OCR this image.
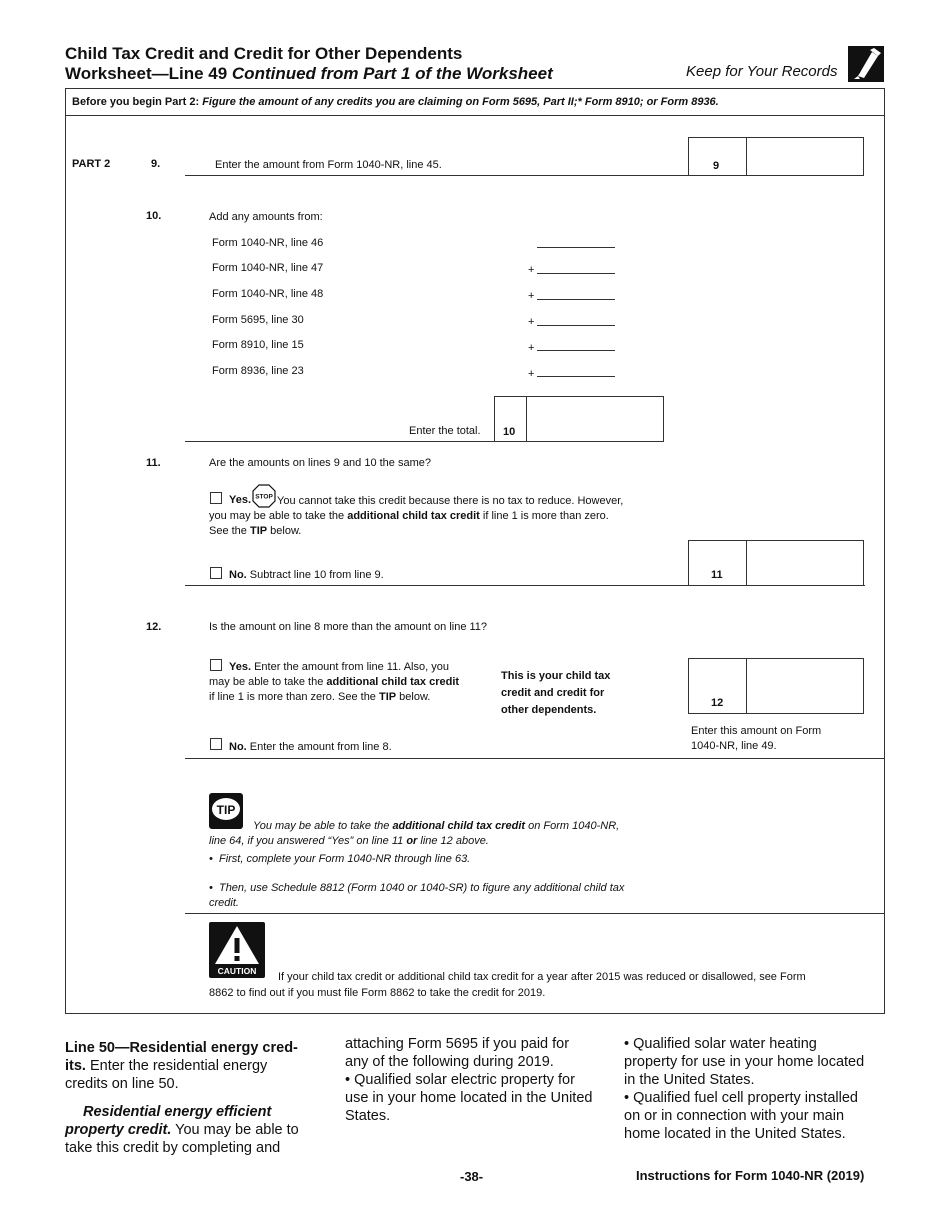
Child Tax Credit and Credit for Other Dependents
Worksheet—Line 49 Continued from Part 1 of the Worksheet	Keep for Your Records
Before you begin Part 2: Figure the amount of any credits you are claiming on Form 5695, Part II;* Form 8910; or Form 8936.
PART 2	9.	Enter the amount from Form 1040-NR, line 45.	9
10.	Add any amounts from:
Form 1040-NR, line 46
Form 1040-NR, line 47	+
Form 1040-NR, line 48	+
Form 5695, line 30	+
Form 8910, line 15	+
Form 8936, line 23	+
Enter the total. 10
11.	Are the amounts on lines 9 and 10 the same?
Yes. STOP You cannot take this credit because there is no tax to reduce. However,
you may be able to take the additional child tax credit if line 1 is more than zero.
See the TIP below.
No. Subtract line 10 from line 9.	11
12.	Is the amount on line 8 more than the amount on line 11?
Yes. Enter the amount from line 11. Also, you
may be able to take the additional child tax credit
if line 1 is more than zero. See the TIP below.
This is your child tax
credit and credit for
other dependents.
12
Enter this amount on Form
1040-NR, line 49.
No. Enter the amount from line 8.
TIP
You may be able to take the additional child tax credit on Form 1040-NR,
line 64, if you answered “Yes” on line 11 or line 12 above.
•  First, complete your Form 1040-NR through line 63.
•  Then, use Schedule 8812 (Form 1040 or 1040-SR) to figure any additional child tax
credit.
CAUTION If your child tax credit or additional child tax credit for a year after 2015 was reduced or disallowed, see Form
8862 to find out if you must file Form 8862 to take the credit for 2019.
Line 50—Residential energy cred-
its. Enter the residential energy
credits on line 50.
Residential energy efficient
property credit. You may be able to
take this credit by completing and
attaching Form 5695 if you paid for
any of the following during 2019.
• Qualified solar electric property for
use in your home located in the United
States.
• Qualified solar water heating
property for use in your home located
in the United States.
• Qualified fuel cell property installed
on or in connection with your main
home located in the United States.
-38-	Instructions for Form 1040-NR (2019)
